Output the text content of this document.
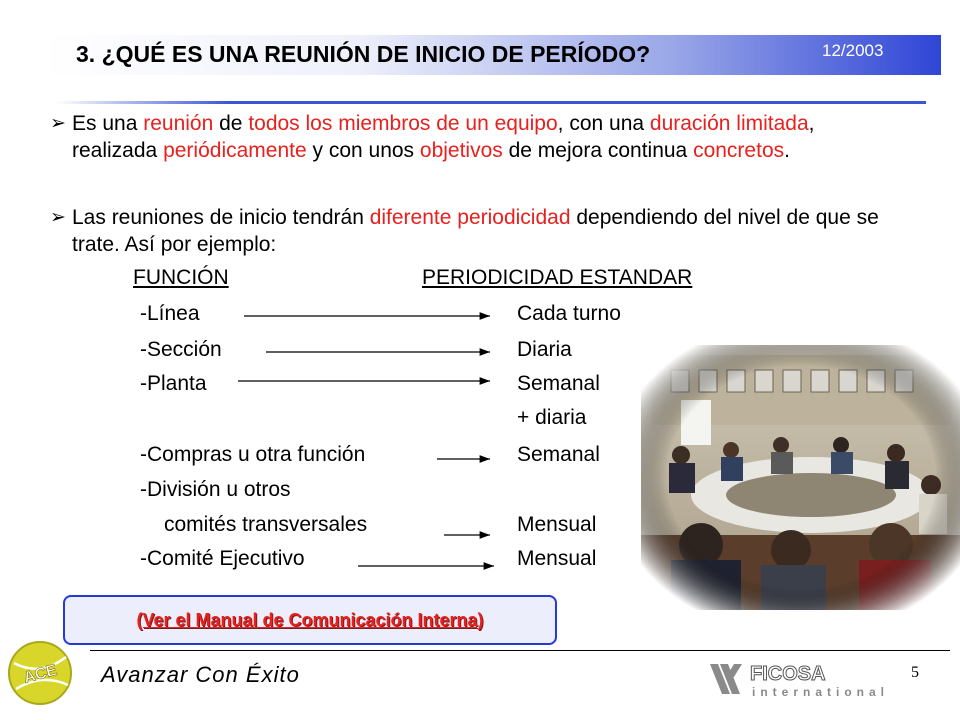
3. ¿QUÉ ES UNA REUNIÓN DE INICIO DE PERÍODO?	12/2003
➢ Es una reunión de todos los miembros de un equipo, con una duración limitada, realizada periódicamente y con unos objetivos de mejora continua concretos.
➢ Las reuniones de inicio tendrán diferente periodicidad dependiendo del nivel de que se trate. Así por ejemplo:
FUNCIÓN	PERIODICIDAD ESTANDAR
-Línea	Cada turno
-Sección	Diaria
-Planta	Semanal
+ diaria
-Compras u otra función	Semanal
-División u otros
comités transversales	Mensual
-Comité Ejecutivo	Mensual
(Ver el Manual de Comunicación Interna)
ACE Avanzar Con Éxito	FICOSA
international
5
